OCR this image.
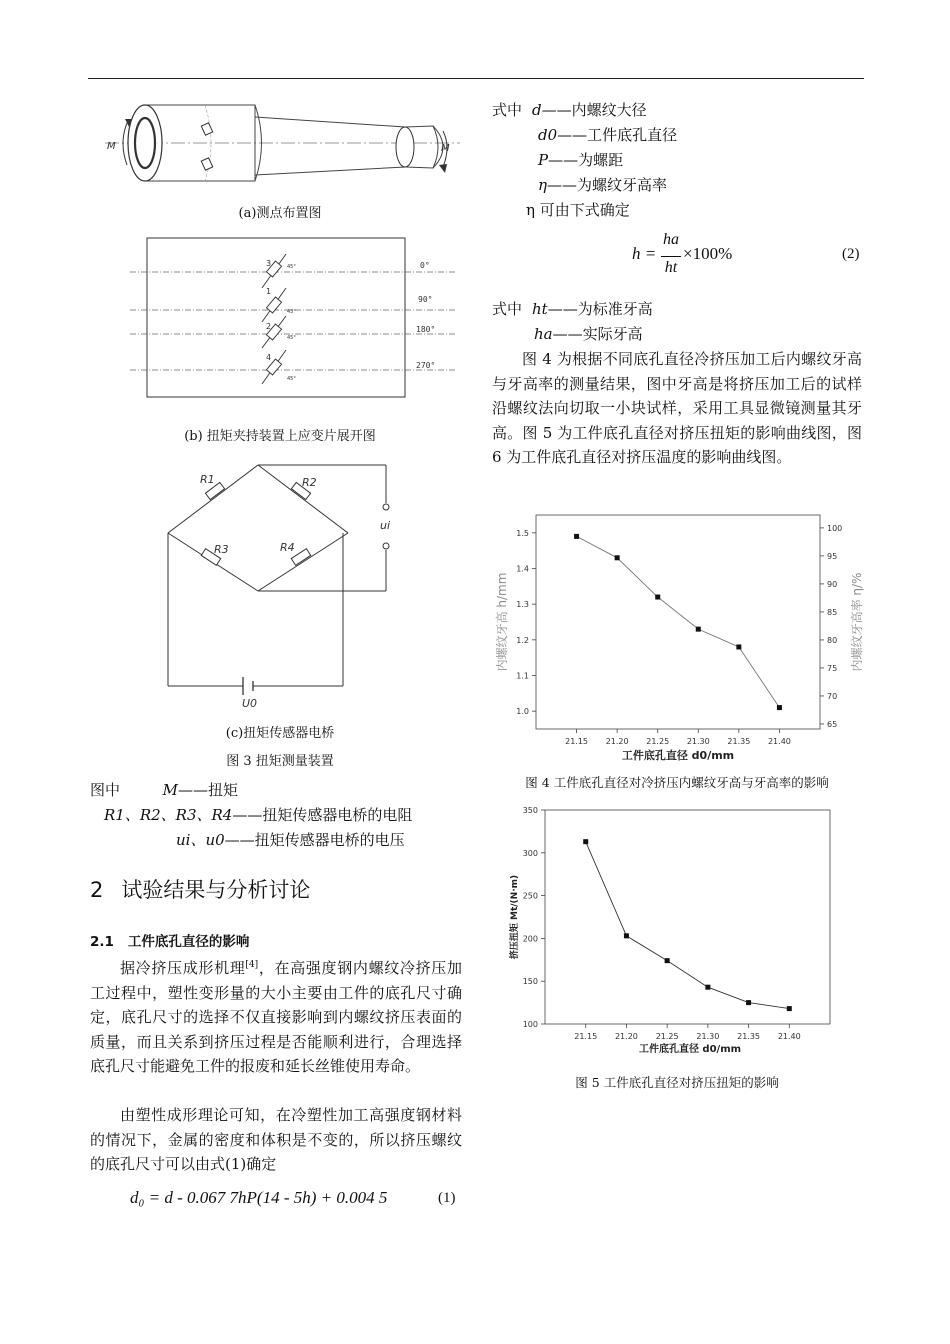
M	M
(a)测点布置图
3
1
2
4
45°
45°
45°
45°
0°
90°
180°
270°
(b) 扭矩夹持装置上应变片展开图
R1	R2
R3	R4
ui
U0
(c)扭矩传感器电桥
图 3 扭矩测量装置
图中	M——扭矩
R1、R2、R3、R4——扭矩传感器电桥的电阻
ui、u0——扭矩传感器电桥的电压
2 试验结果与分析讨论
2.1 工件底孔直径的影响

据冷挤压成形机理[4]，在高强度钢内螺纹冷挤压加工过程中，塑性变形量的大小主要由工件的底孔尺寸确定，底孔尺寸的选择不仅直接影响到内螺纹挤压表面的质量，而且关系到挤压过程是否能顺利进行，合理选择底孔尺寸能避免工件的报废和延长丝锥使用寿命。

由塑性成形理论可知，在冷塑性加工高强度钢材料的情况下，金属的密度和体积是不变的，所以挤压螺纹的底孔尺寸可以由式(1)确定

d₀ = d - 0.067 7hP(14 - 5h) + 0.004 5	(1)
式中 d——内螺纹大径
d0——工件底孔直径
P——为螺距
η——为螺纹牙高率
η 可由下式确定
h =
ha
ht
×100%	(2)
式中 ht——为标准牙高
ha——实际牙高

图 4 为根据不同底孔直径冷挤压加工后内螺纹牙高与牙高率的测量结果，图中牙高是将挤压加工后的试样沿螺纹法向切取一小块试样，采用工具显微镜测量其牙高。图 5 为工件底孔直径对挤压扭矩的影响曲线图，图 6 为工件底孔直径对挤压温度的影响曲线图。

21.15 21.20 21.25 21.30 21.35 21.40
1.0
1.1
1.2
1.3
1.4
1.5
65
70
75
80
85
90
95
100
内螺纹牙高 h/mm	内螺纹牙高率 η/%
工件底孔直径 d0/mm
图 4 工件底孔直径对冷挤压内螺纹牙高与牙高率的影响
21.15 21.20 21.25 21.30 21.35 21.40
100
150
200
250
300
350
挤压扭矩 Mt/(N·m)
工件底孔直径 d0/mm
图 5 工件底孔直径对挤压扭矩的影响
